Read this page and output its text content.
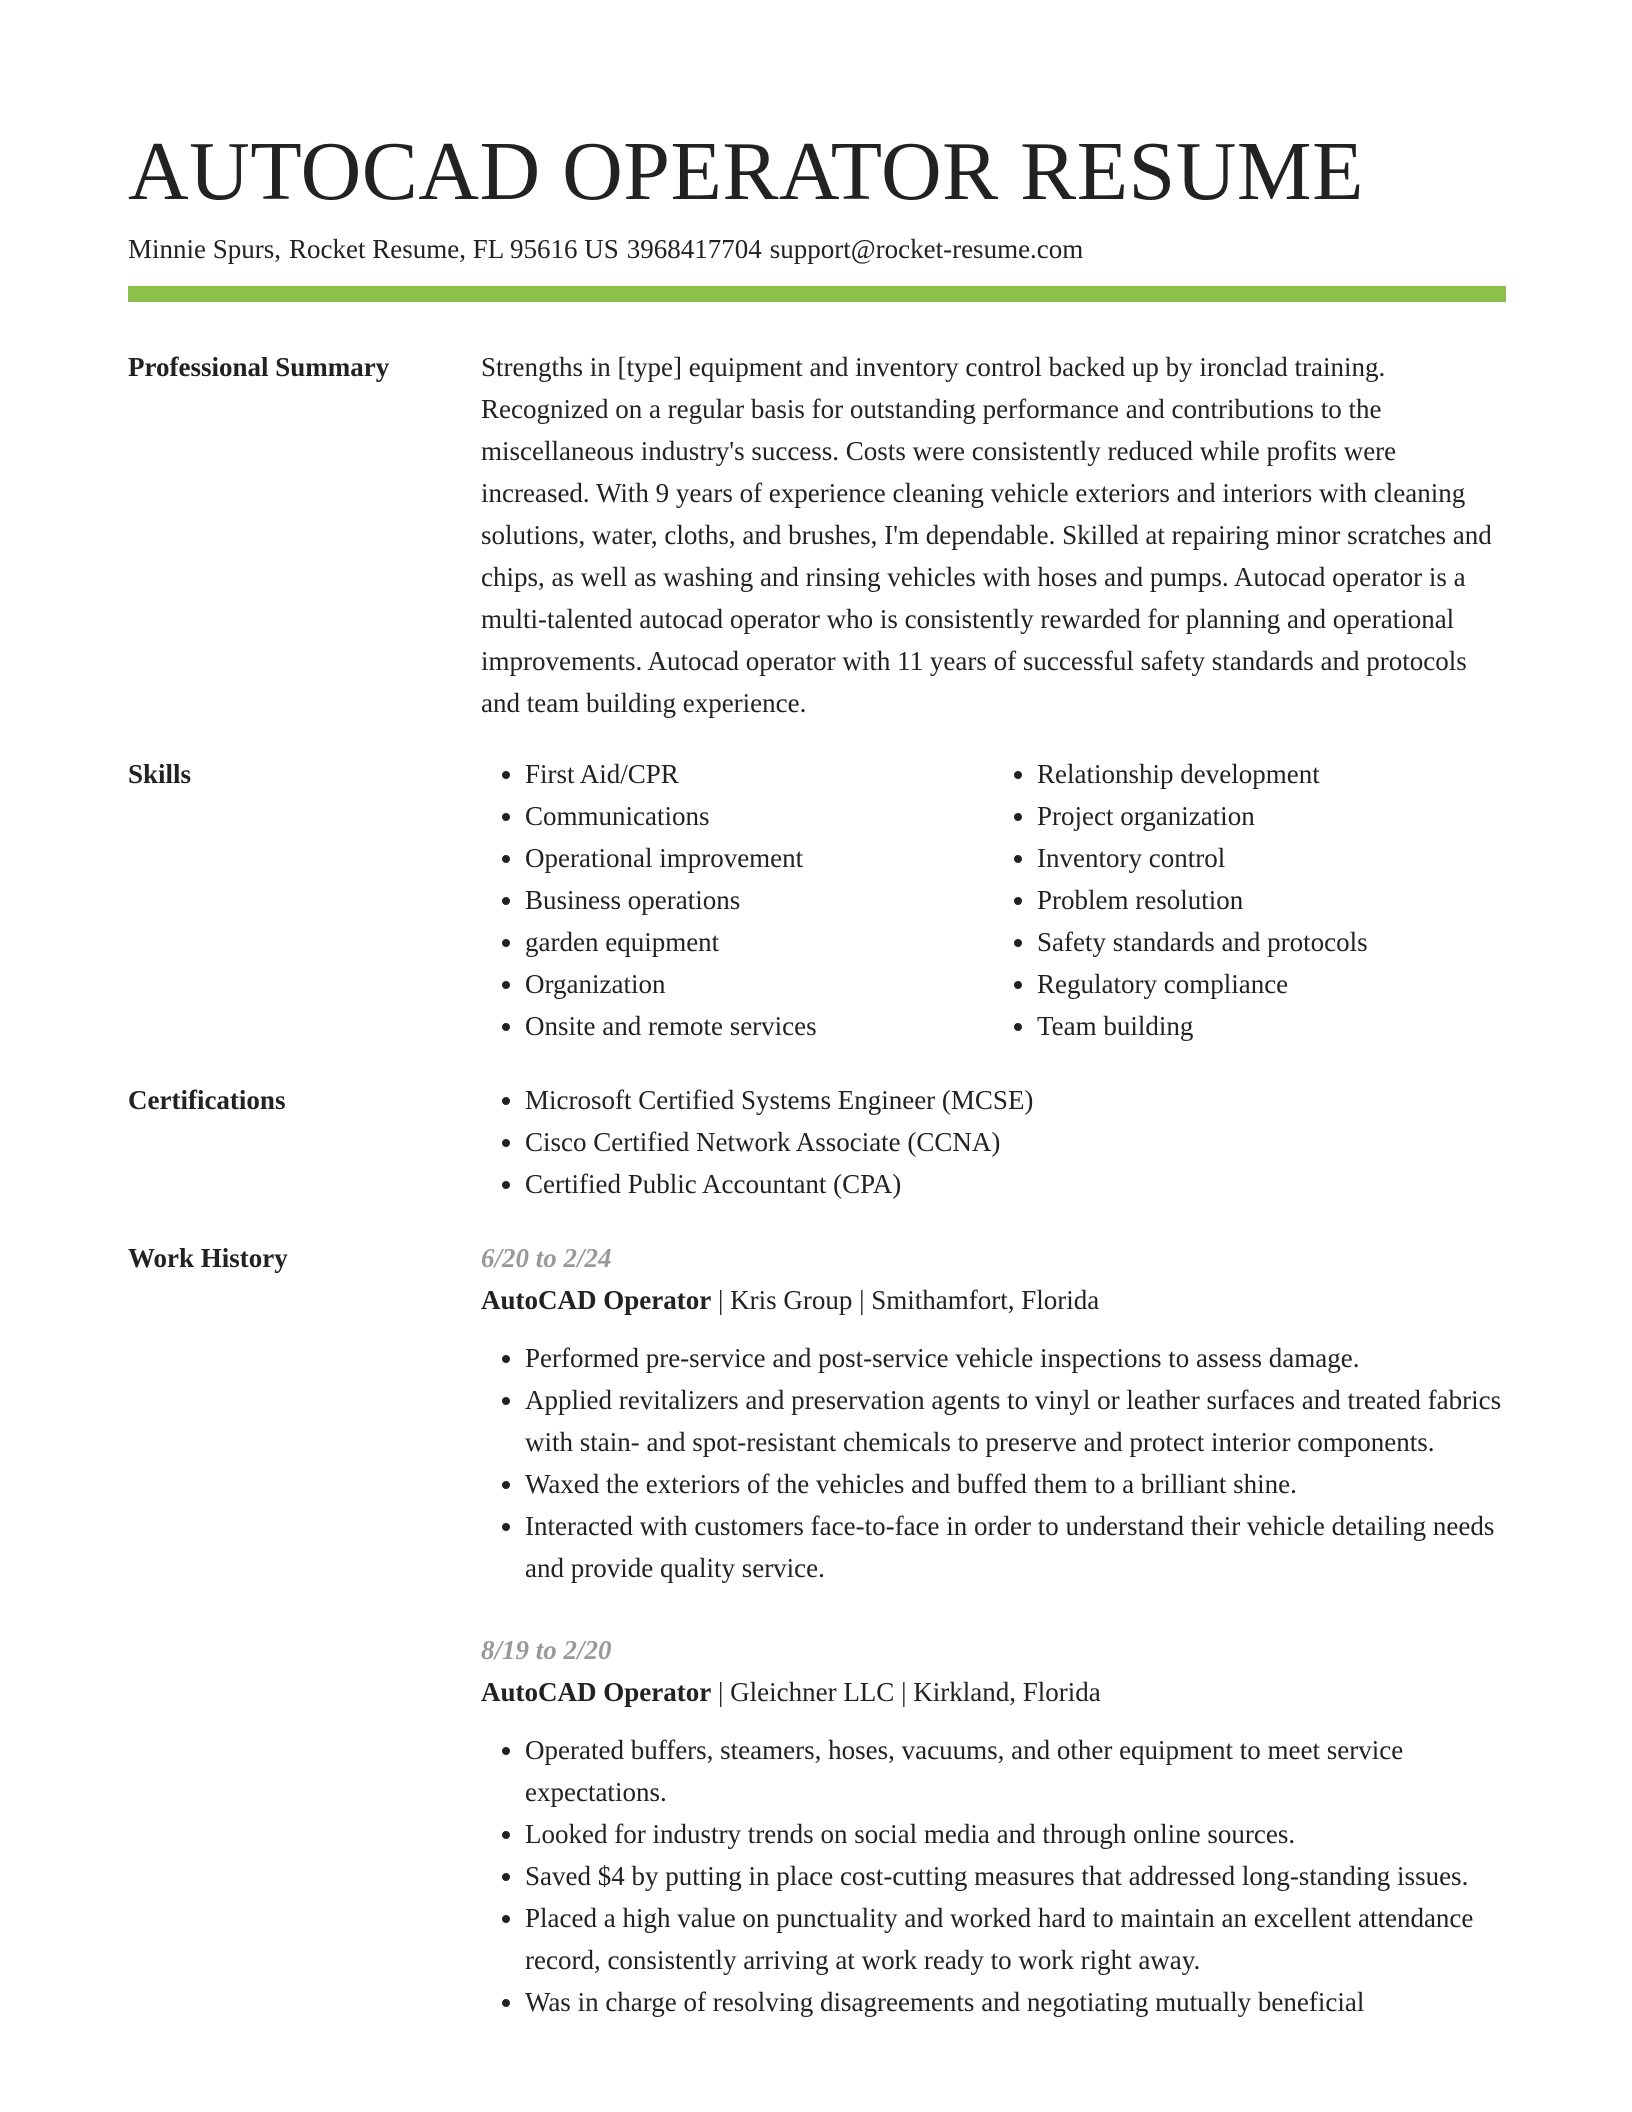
AUTOCAD OPERATOR RESUME
Minnie Spurs, Rocket Resume, FL 95616 US 3968417704 support@rocket-resume.com
Professional Summary	Strengths in [type] equipment and inventory control backed up by ironclad training. Recognized on a regular basis for outstanding performance and contributions to the miscellaneous industry's success. Costs were consistently reduced while profits were increased. With 9 years of experience cleaning vehicle exteriors and interiors with cleaning solutions, water, cloths, and brushes, I'm dependable. Skilled at repairing minor scratches and chips, as well as washing and rinsing vehicles with hoses and pumps. Autocad operator is a multi-talented autocad operator who is consistently rewarded for planning and operational improvements. Autocad operator with 11 years of successful safety standards and protocols and team building experience.

Skills	• First Aid/CPR
• Communications
• Operational improvement
• Business operations
• garden equipment
• Organization
• Onsite and remote services
• Relationship development
• Project organization
• Inventory control
• Problem resolution
• Safety standards and protocols
• Regulatory compliance
• Team building
Certifications	• Microsoft Certified Systems Engineer (MCSE)
• Cisco Certified Network Associate (CCNA)
• Certified Public Accountant (CPA)
Work History	6/20 to 2/24
AutoCAD Operator | Kris Group | Smithamfort, Florida
• Performed pre-service and post-service vehicle inspections to assess damage.
• Applied revitalizers and preservation agents to vinyl or leather surfaces and treated fabrics with stain- and spot-resistant chemicals to preserve and protect interior components.
• Waxed the exteriors of the vehicles and buffed them to a brilliant shine.
• Interacted with customers face-to-face in order to understand their vehicle detailing needs and provide quality service.
8/19 to 2/20
AutoCAD Operator | Gleichner LLC | Kirkland, Florida
• Operated buffers, steamers, hoses, vacuums, and other equipment to meet service expectations.
• Looked for industry trends on social media and through online sources.
• Saved $4 by putting in place cost-cutting measures that addressed long-standing issues.
• Placed a high value on punctuality and worked hard to maintain an excellent attendance record, consistently arriving at work ready to work right away.
• Was in charge of resolving disagreements and negotiating mutually beneficial
